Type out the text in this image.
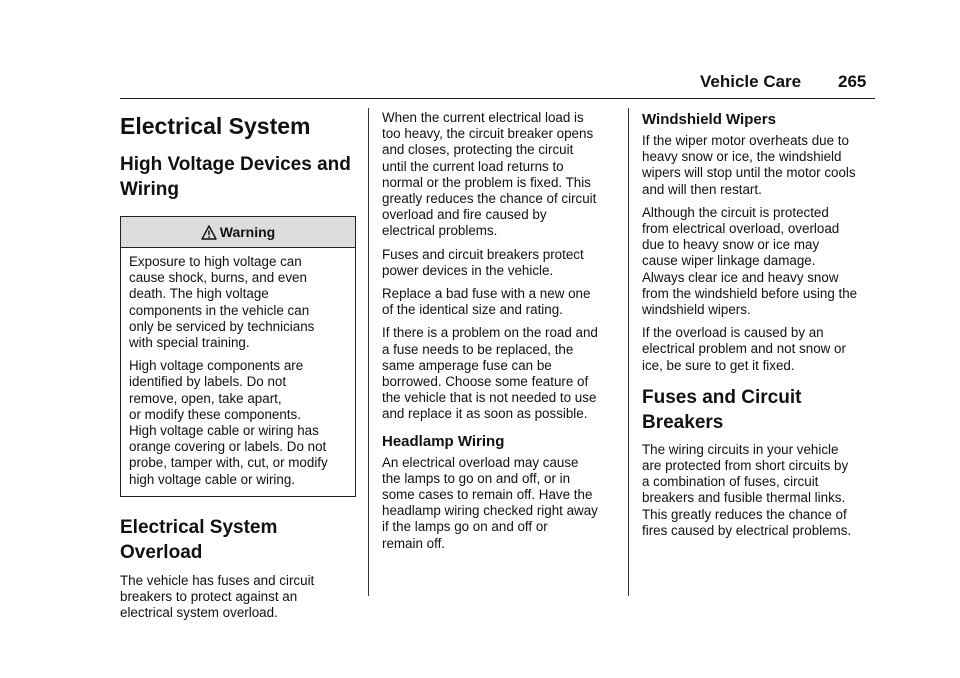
Vehicle Care 265
Electrical System
High Voltage Devices and
Wiring
Warning

Exposure to high voltage can
cause shock, burns, and even
death. The high voltage
components in the vehicle can
only be serviced by technicians
with special training.

High voltage components are
identified by labels. Do not
remove, open, take apart,
or modify these components.
High voltage cable or wiring has
orange covering or labels. Do not
probe, tamper with, cut, or modify
high voltage cable or wiring.

Electrical System
Overload

The vehicle has fuses and circuit
breakers to protect against an
electrical system overload.

When the current electrical load is
too heavy, the circuit breaker opens
and closes, protecting the circuit
until the current load returns to
normal or the problem is fixed. This
greatly reduces the chance of circuit
overload and fire caused by
electrical problems.

Fuses and circuit breakers protect
power devices in the vehicle.

Replace a bad fuse with a new one
of the identical size and rating.

If there is a problem on the road and
a fuse needs to be replaced, the
same amperage fuse can be
borrowed. Choose some feature of
the vehicle that is not needed to use
and replace it as soon as possible.

Headlamp Wiring

An electrical overload may cause
the lamps to go on and off, or in
some cases to remain off. Have the
headlamp wiring checked right away
if the lamps go on and off or
remain off.

Windshield Wipers

If the wiper motor overheats due to
heavy snow or ice, the windshield
wipers will stop until the motor cools
and will then restart.

Although the circuit is protected
from electrical overload, overload
due to heavy snow or ice may
cause wiper linkage damage.
Always clear ice and heavy snow
from the windshield before using the
windshield wipers.

If the overload is caused by an
electrical problem and not snow or
ice, be sure to get it fixed.

Fuses and Circuit
Breakers

The wiring circuits in your vehicle
are protected from short circuits by
a combination of fuses, circuit
breakers and fusible thermal links.
This greatly reduces the chance of
fires caused by electrical problems.
